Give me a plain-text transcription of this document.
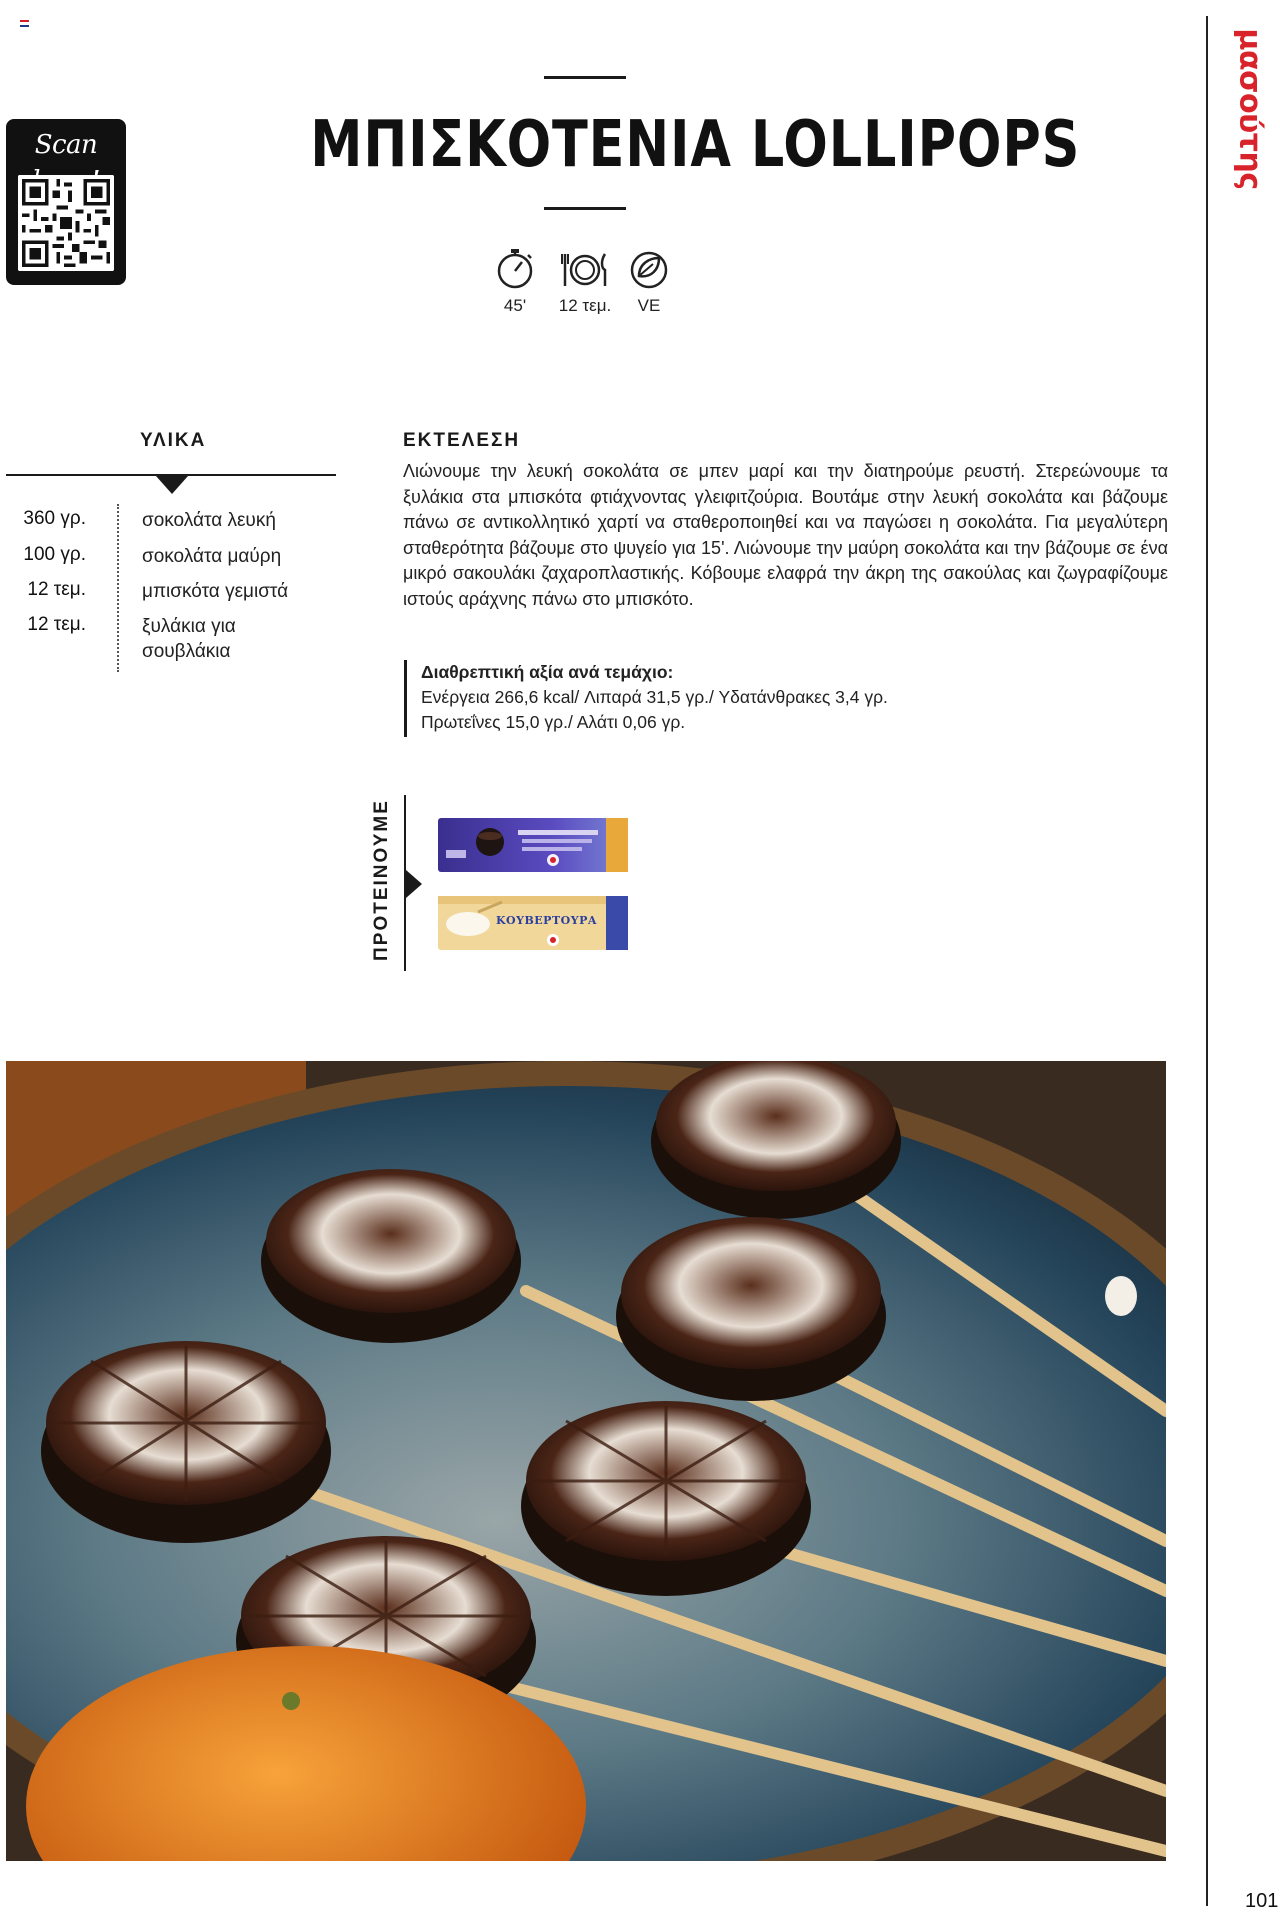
Scan	ΜΠΙΣΚΟΤΕΝΙΑ LOLLIPOPS
45'	12 τεμ.	VE
μασούτης
101
ΥΛΙΚΑ
360 γρ.	σοκολάτα λευκή
100 γρ.	σοκολάτα μαύρη
12 τεμ.	μπισκότα γεμιστά
12 τεμ.	ξυλάκια για σουβλάκια
ΕΚΤΕΛΕΣΗ

Λιώνουμε την λευκή σοκολάτα σε μπεν μαρί και την διατηρούμε ρευστή. Στερεώνουμε τα ξυλάκια στα μπισκότα φτιάχνοντας γλειφιτζούρια. Βουτάμε στην λευκή σοκολάτα και βάζουμε πάνω σε αντικολλητικό χαρτί να σταθεροποιηθεί και να παγώσει η σοκολάτα. Για μεγαλύτερη σταθερότητα βάζουμε στο ψυγείο για 15'. Λιώνουμε την μαύρη σοκολάτα και την βάζουμε σε ένα μικρό σακουλάκι ζαχαροπλαστικής. Κόβουμε ελαφρά την άκρη της σακούλας και ζωγραφίζουμε ιστούς αράχνης πάνω στο μπισκότο.

Διαθρεπτική αξία ανά τεμάχιο:
Ενέργεια 266,6 kcal/ Λιπαρά 31,5 γρ./ Υδατάνθρακες 3,4 γρ.
Πρωτεΐνες 15,0 γρ./ Αλάτι 0,06 γρ.
ΠΡΟΤΕΙΝΟΥΜΕ	ΚΟΥΒΕΡΤΟΥΡΑ
